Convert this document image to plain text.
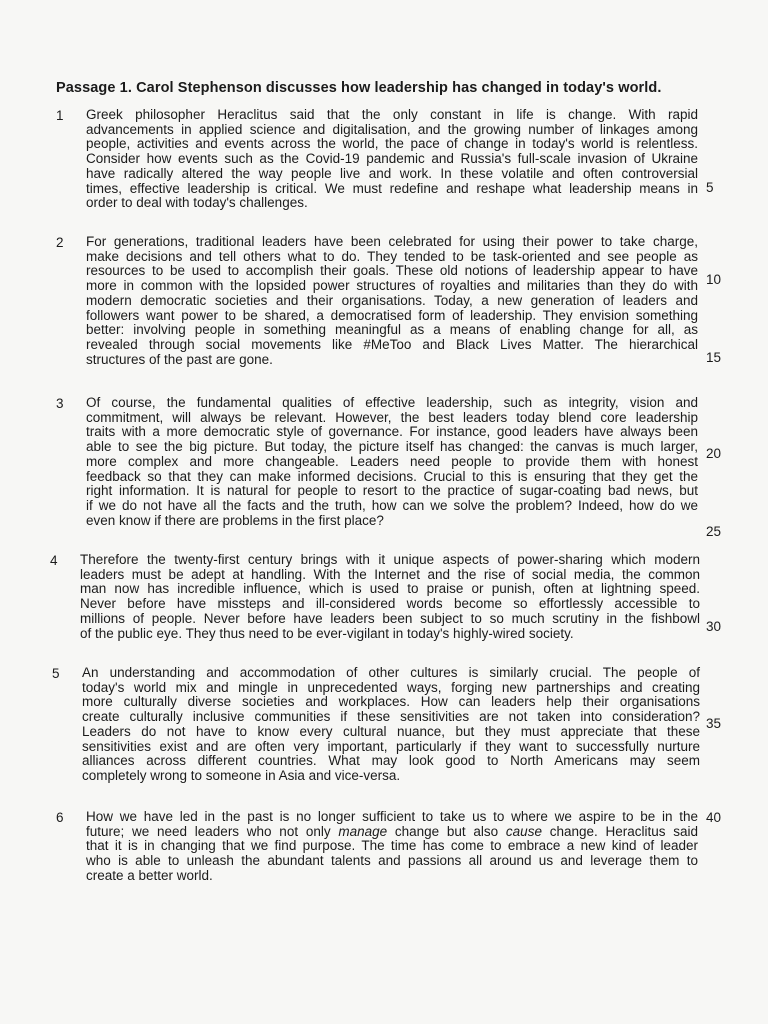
Passage 1. Carol Stephenson discusses how leadership has changed in today's world.
1 Greek philosopher Heraclitus said that the only constant in life is change. With rapid
advancements in applied science and digitalisation, and the growing number of linkages among
people, activities and events across the world, the pace of change in today's world is relentless.
Consider how events such as the Covid-19 pandemic and Russia's full-scale invasion of Ukraine
have radically altered the way people live and work. In these volatile and often controversial
times, effective leadership is critical. We must redefine and reshape what leadership means in
order to deal with today's challenges.
5
2 For generations, traditional leaders have been celebrated for using their power to take charge,
make decisions and tell others what to do. They tended to be task-oriented and see people as
resources to be used to accomplish their goals. These old notions of leadership appear to have
more in common with the lopsided power structures of royalties and militaries than they do with
modern democratic societies and their organisations. Today, a new generation of leaders and
followers want power to be shared, a democratised form of leadership. They envision something
better: involving people in something meaningful as a means of enabling change for all, as
revealed through social movements like #MeToo and Black Lives Matter. The hierarchical
structures of the past are gone.
10
15
3 Of course, the fundamental qualities of effective leadership, such as integrity, vision and
commitment, will always be relevant. However, the best leaders today blend core leadership
traits with a more democratic style of governance. For instance, good leaders have always been
able to see the big picture. But today, the picture itself has changed: the canvas is much larger,
more complex and more changeable. Leaders need people to provide them with honest
feedback so that they can make informed decisions. Crucial to this is ensuring that they get the
right information. It is natural for people to resort to the practice of sugar-coating bad news, but
if we do not have all the facts and the truth, how can we solve the problem? Indeed, how do we
even know if there are problems in the first place?
20
25
4 Therefore the twenty-first century brings with it unique aspects of power-sharing which modern
leaders must be adept at handling. With the Internet and the rise of social media, the common
man now has incredible influence, which is used to praise or punish, often at lightning speed.
Never before have missteps and ill-considered words become so effortlessly accessible to
millions of people. Never before have leaders been subject to so much scrutiny in the fishbowl
of the public eye. They thus need to be ever-vigilant in today's highly-wired society.	30
5 An understanding and accommodation of other cultures is similarly crucial. The people of
today's world mix and mingle in unprecedented ways, forging new partnerships and creating
more culturally diverse societies and workplaces. How can leaders help their organisations
create culturally inclusive communities if these sensitivities are not taken into consideration?
Leaders do not have to know every cultural nuance, but they must appreciate that these
sensitivities exist and are often very important, particularly if they want to successfully nurture
alliances across different countries. What may look good to North Americans may seem
completely wrong to someone in Asia and vice-versa.
35
6 How we have led in the past is no longer sufficient to take us to where we aspire to be in the
future; we need leaders who not only manage change but also cause change. Heraclitus said
that it is in changing that we find purpose. The time has come to embrace a new kind of leader
who is able to unleash the abundant talents and passions all around us and leverage them to
create a better world.
40
